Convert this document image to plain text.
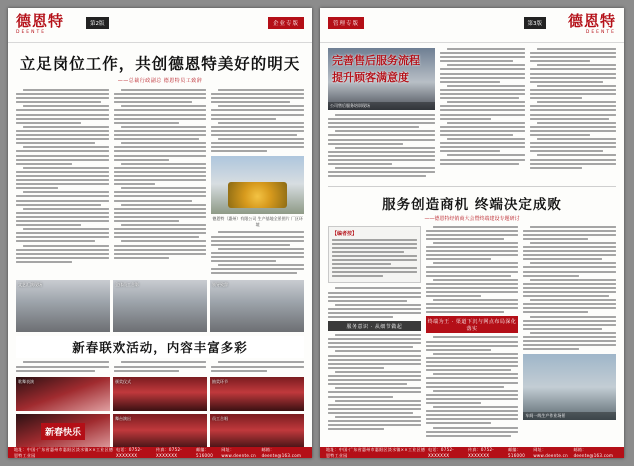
德恩特
DEENTE
第2版	企业专版
立足岗位工作，共创德恩特美好的明天
——总裁行政副总 德恩特员工致辞
德恩特（惠州）有限公司 生产基地全景图片 厂区环境
文艺汇演现场	全体员工合影	领导致辞
新春联欢活动，内容丰富多彩
歌舞表演	颁奖仪式	抽奖环节
新春快乐
舞台演出	员工合唱
地址：中国·广东省惠州市惠阳区淡水镇××工业区德恩特工业园
电话：0752-XXXXXXX
传真：0752-XXXXXXX
邮编：516000
网址：www.deente.cn
邮箱：deente@163.com
管理专版	第3版 德恩特
DEENTE
完善售后服务流程
提升顾客满意度
公司售后服务培训现场
服务创造商机 终端决定成败
——德恩特经销商大会暨终端建设专题研讨
【编者按】
服务意识 · 从细节做起
终端为王 · 渠道下沉与网点布局深化落实
车间一线生产作业场景
地址：中国·广东省惠州市惠阳区淡水镇××工业区德恩特工业园
电话：0752-XXXXXXX
传真：0752-XXXXXXX
邮编：516000
网址：www.deente.cn
邮箱：deente@163.com
